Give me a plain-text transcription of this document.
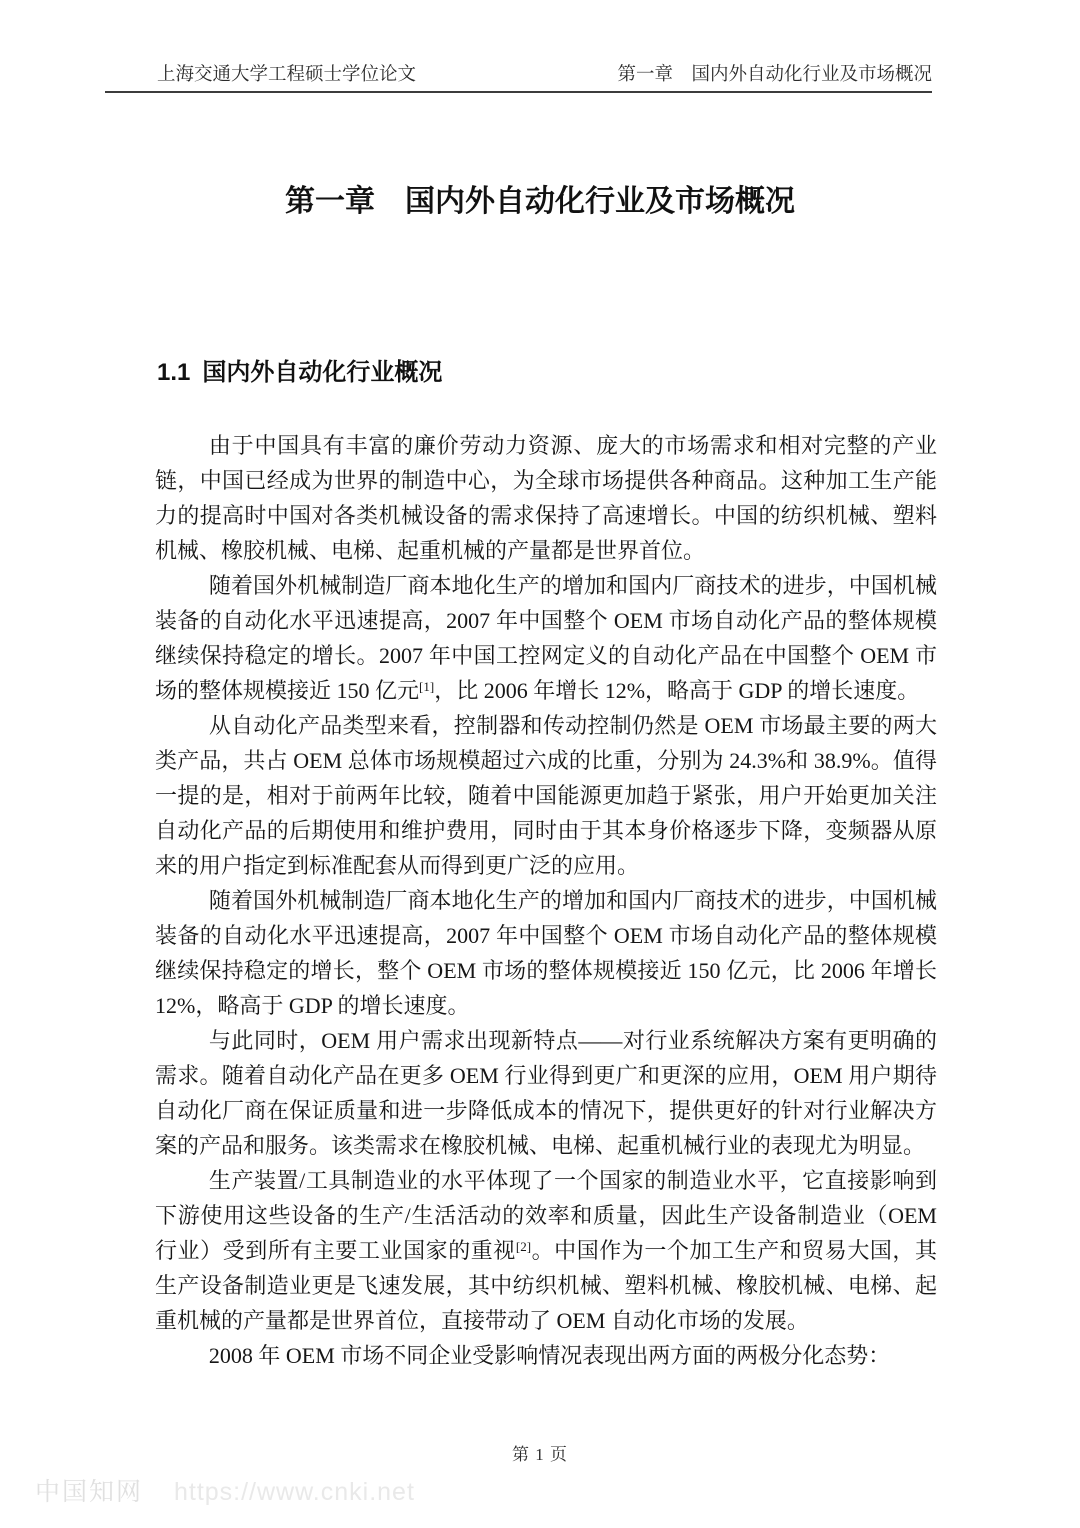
上海交通大学工程硕士学位论文	第一章　国内外自动化行业及市场概况
第一章　国内外自动化行业及市场概况
1.1 国内外自动化行业概况

由于中国具有丰富的廉价劳动力资源、庞大的市场需求和相对完整的产业链，中国已经成为世界的制造中心，为全球市场提供各种商品。这种加工生产能力的提高时中国对各类机械设备的需求保持了高速增长。中国的纺织机械、塑料机械、橡胶机械、电梯、起重机械的产量都是世界首位。

随着国外机械制造厂商本地化生产的增加和国内厂商技术的进步，中国机械装备的自动化水平迅速提高，2007 年中国整个 OEM 市场自动化产品的整体规模继续保持稳定的增长。2007 年中国工控网定义的自动化产品在中国整个 OEM 市场的整体规模接近 150 亿元[1]，比 2006 年增长 12%，略高于 GDP 的增长速度。

从自动化产品类型来看，控制器和传动控制仍然是 OEM 市场最主要的两大类产品，共占 OEM 总体市场规模超过六成的比重，分别为 24.3%和 38.9%。值得一提的是，相对于前两年比较，随着中国能源更加趋于紧张，用户开始更加关注自动化产品的后期使用和维护费用，同时由于其本身价格逐步下降，变频器从原来的用户指定到标准配套从而得到更广泛的应用。

随着国外机械制造厂商本地化生产的增加和国内厂商技术的进步，中国机械装备的自动化水平迅速提高，2007 年中国整个 OEM 市场自动化产品的整体规模继续保持稳定的增长，整个 OEM 市场的整体规模接近 150 亿元，比 2006 年增长 12%，略高于 GDP 的增长速度。

与此同时，OEM 用户需求出现新特点——对行业系统解决方案有更明确的需求。随着自动化产品在更多 OEM 行业得到更广和更深的应用，OEM 用户期待自动化厂商在保证质量和进一步降低成本的情况下，提供更好的针对行业解决方案的产品和服务。该类需求在橡胶机械、电梯、起重机械行业的表现尤为明显。

生产装置/工具制造业的水平体现了一个国家的制造业水平，它直接影响到下游使用这些设备的生产/生活活动的效率和质量，因此生产设备制造业（OEM 行业）受到所有主要工业国家的重视[2]。中国作为一个加工生产和贸易大国，其生产设备制造业更是飞速发展，其中纺织机械、塑料机械、橡胶机械、电梯、起重机械的产量都是世界首位，直接带动了 OEM 自动化市场的发展。

2008 年 OEM 市场不同企业受影响情况表现出两方面的两极分化态势：

第 1 页
中国知网 https://www.cnki.net
